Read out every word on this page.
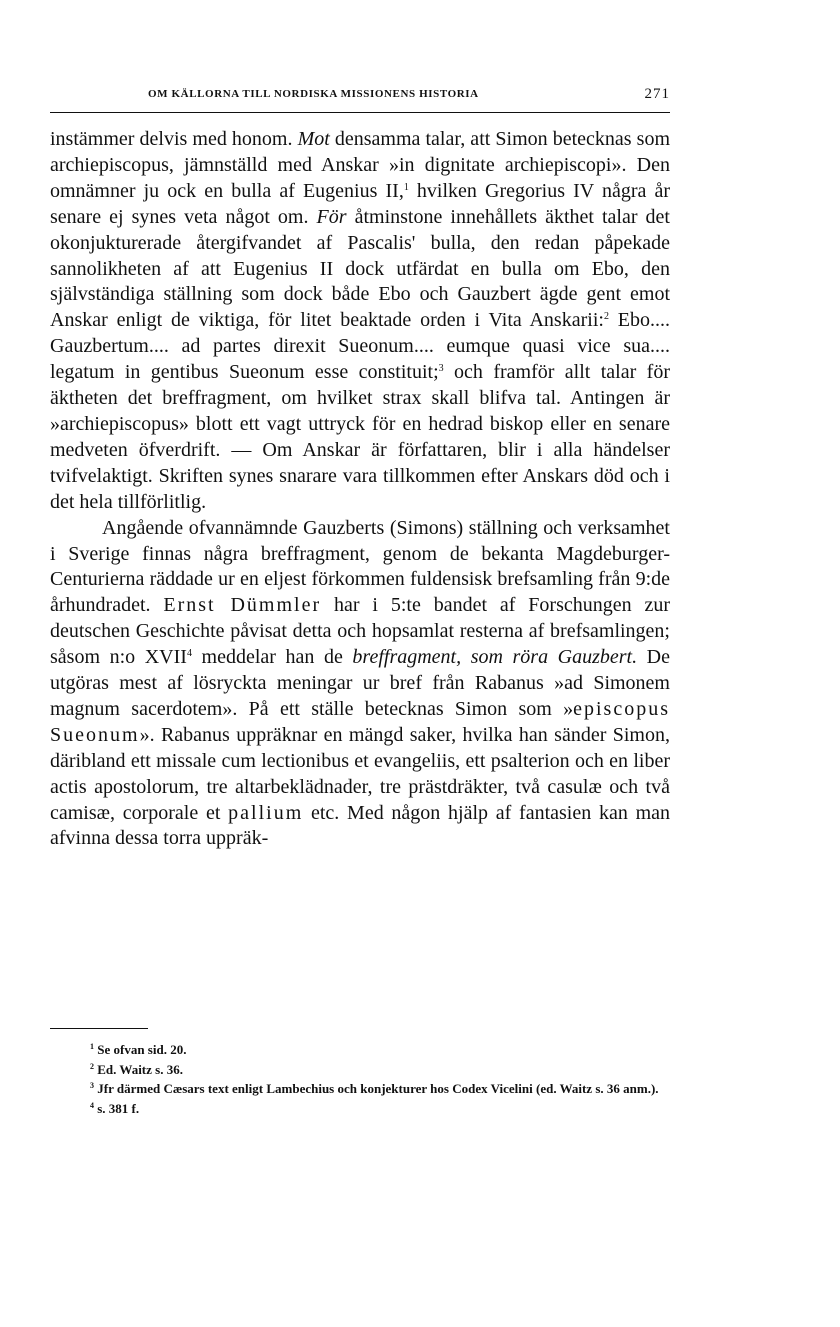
OM KÄLLORNA TILL NORDISKA MISSIONENS HISTORIA	271

instämmer delvis med honom. Mot densamma talar, att Simon betecknas som archiepiscopus, jämnställd med Anskar »in dignitate archiepiscopi». Den omnämner ju ock en bulla af Eugenius II,$^1$ hvilken Gregorius IV några år senare ej synes veta något om. För åtminstone innehållets äkthet talar det okonjukturerade återgifvandet af Pascalis' bulla, den redan påpekade sannolikheten af att Eugenius II dock utfärdat en bulla om Ebo, den självständiga ställning som dock både Ebo och Gauzbert ägde gent emot Anskar enligt de viktiga, för litet beaktade orden i Vita Anskarii:$^2$ Ebo.... Gauzbertum.... ad partes direxit Sueonum.... eumque quasi vice sua.... legatum in gentibus Sueonum esse constituit;$^3$ och framför allt talar för äktheten det breffragment, om hvilket strax skall blifva tal. Antingen är »archiepiscopus» blott ett vagt uttryck för en hedrad biskop eller en senare medveten öfverdrift. — Om Anskar är författaren, blir i alla händelser tvifvelaktigt. Skriften synes snarare vara tillkommen efter Anskars död och i det hela tillförlitlig.

Angående ofvannämnde Gauzberts (Simons) ställning och verksamhet i Sverige finnas några breffragment, genom de bekanta Magdeburger-Centurierna räddade ur en eljest förkommen fuldensisk brefsamling från 9:de århundradet. Ernst Dümmler har i 5:te bandet af Forschungen zur deutschen Geschichte påvisat detta och hopsamlat resterna af brefsamlingen; såsom n:o XVII$^4$ meddelar han de breffragment, som röra Gauzbert. De utgöras mest af lösryckta meningar ur bref från Rabanus »ad Simonem magnum sacerdotem». På ett ställe betecknas Simon som »episcopus Sueonum». Rabanus uppräknar en mängd saker, hvilka han sänder Simon, däribland ett missale cum lectionibus et evangeliis, ett psalterion och en liber actis apostolorum, tre altarbeklädnader, tre prästdräkter, två casulæ och två camisæ, corporale et pallium etc. Med någon hjälp af fantasien kan man afvinna dessa torra uppräk-

$^1$ Se ofvan sid. 20.

$^2$ Ed. Waitz s. 36.

$^3$ Jfr därmed Cæsars text enligt Lambechius och konjekturer hos Codex Vicelini (ed. Waitz s. 36 anm.).

$^4$ s. 381 f.
